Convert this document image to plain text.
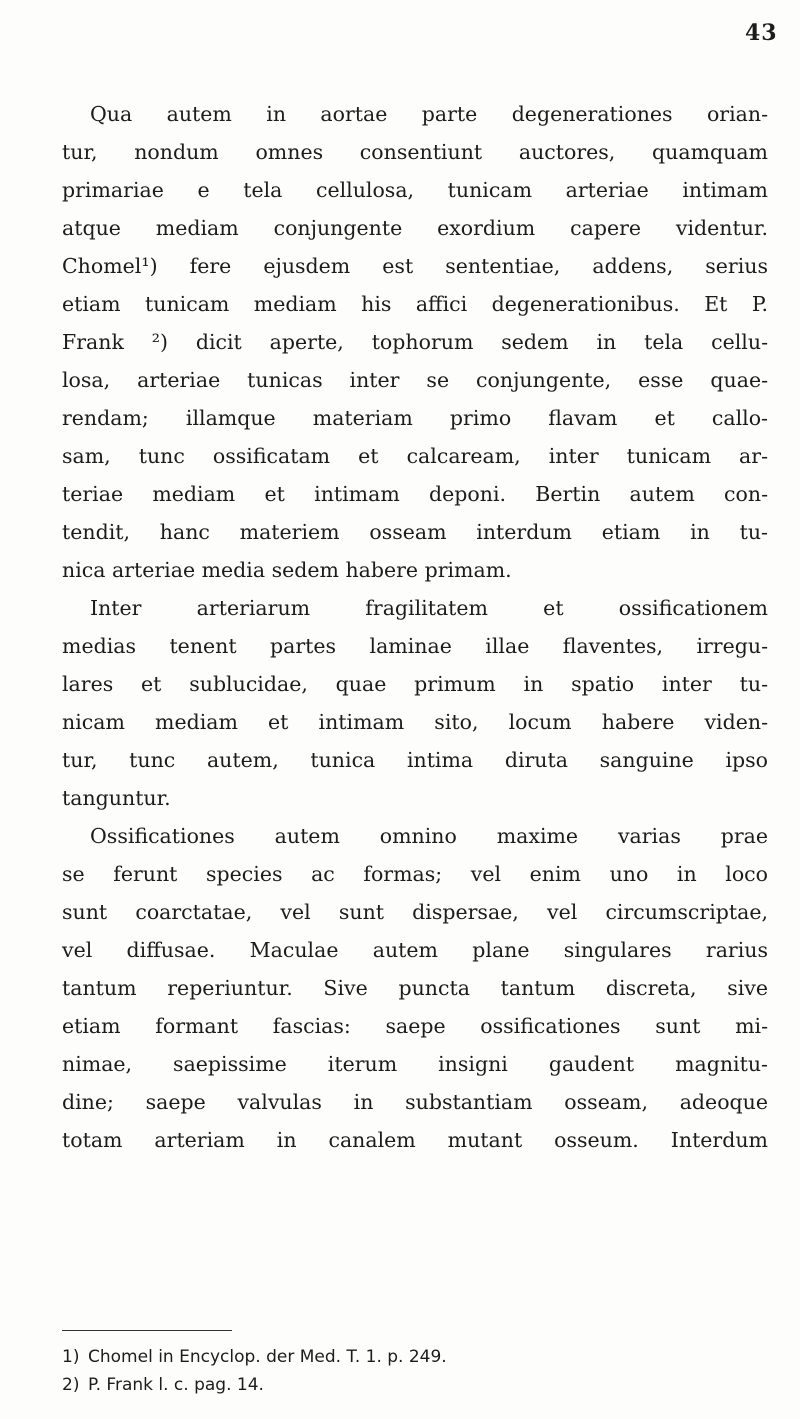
43
Qua autem in aortae parte degenerationes orian-
tur, nondum omnes consentiunt auctores, quamquam
primariae e tela cellulosa, tunicam arteriae intimam
atque mediam conjungente exordium capere videntur.
Chomel¹) fere ejusdem est sententiae, addens, serius
etiam tunicam mediam his affici degenerationibus. Et P.
Frank ²) dicit aperte, tophorum sedem in tela cellu-
losa, arteriae tunicas inter se conjungente, esse quae-
rendam; illamque materiam primo flavam et callo-
sam, tunc ossificatam et calcaream, inter tunicam ar-
teriae mediam et intimam deponi. Bertin autem con-
tendit, hanc materiem osseam interdum etiam in tu-
nica arteriae media sedem habere primam.
Inter arteriarum fragilitatem et ossificationem
medias tenent partes laminae illae flaventes, irregu-
lares et sublucidae, quae primum in spatio inter tu-
nicam mediam et intimam sito, locum habere viden-
tur, tunc autem, tunica intima diruta sanguine ipso
tanguntur.
Ossificationes autem omnino maxime varias prae
se ferunt species ac formas; vel enim uno in loco
sunt coarctatae, vel sunt dispersae, vel circumscriptae,
vel diffusae. Maculae autem plane singulares rarius
tantum reperiuntur. Sive puncta tantum discreta, sive
etiam formant fascias: saepe ossificationes sunt mi-
nimae, saepissime iterum insigni gaudent magnitu-
dine; saepe valvulas in substantiam osseam, adeoque
totam arteriam in canalem mutant osseum. Interdum
1) Chomel in Encyclop. der Med. T. 1. p. 249.
2) P. Frank l. c. pag. 14.
